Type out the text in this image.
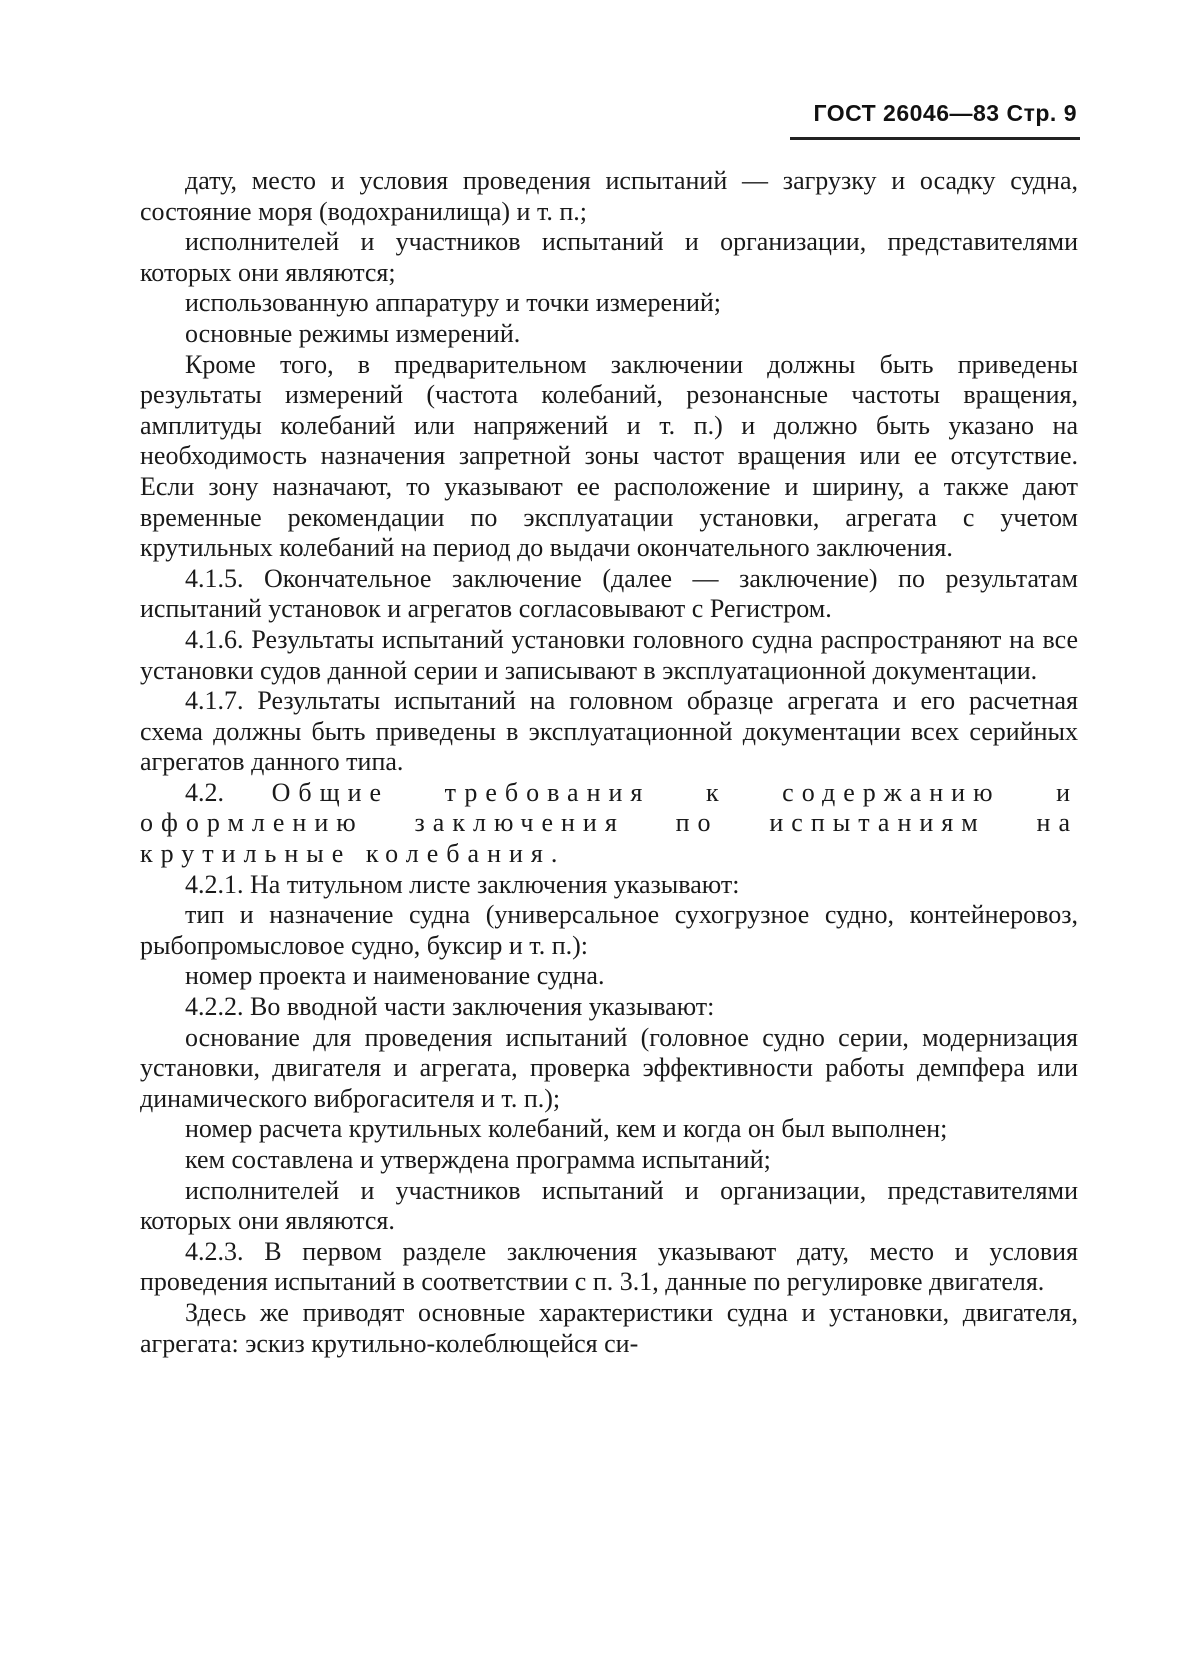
ГОСТ 26046—83 Стр. 9

дату, место и условия проведения испытаний — загрузку и осадку судна, состояние моря (водохранилища) и т. п.;

исполнителей и участников испытаний и организации, представителями которых они являются;

использованную аппаратуру и точки измерений;

основные режимы измерений.

Кроме того, в предварительном заключении должны быть приведены результаты измерений (частота колебаний, резонансные частоты вращения, амплитуды колебаний или напряжений и т. п.) и должно быть указано на необходимость назначения запретной зоны частот вращения или ее отсутствие. Если зону назначают, то указывают ее расположение и ширину, а также дают временные рекомендации по эксплуатации установки, агрегата с учетом крутильных колебаний на период до выдачи окончательного заключения.

4.1.5. Окончательное заключение (далее — заключение) по результатам испытаний установок и агрегатов согласовывают с Регистром.

4.1.6. Результаты испытаний установки головного судна распространяют на все установки судов данной серии и записывают в эксплуатационной документации.

4.1.7. Результаты испытаний на головном образце агрегата и его расчетная схема должны быть приведены в эксплуатационной документации всех серийных агрегатов данного типа.

4.2. Общие требования к содержанию и оформлению заключения по испытаниям на крутильные колебания.

4.2.1. На титульном листе заключения указывают:

тип и назначение судна (универсальное сухогрузное судно, контейнеровоз, рыбопромысловое судно, буксир и т. п.):

номер проекта и наименование судна.

4.2.2. Во вводной части заключения указывают:

основание для проведения испытаний (головное судно серии, модернизация установки, двигателя и агрегата, проверка эффективности работы демпфера или динамического виброгасителя и т. п.);

номер расчета крутильных колебаний, кем и когда он был выполнен;

кем составлена и утверждена программа испытаний;

исполнителей и участников испытаний и организации, представителями которых они являются.

4.2.3. В первом разделе заключения указывают дату, место и условия проведения испытаний в соответствии с п. 3.1, данные по регулировке двигателя.

Здесь же приводят основные характеристики судна и установки, двигателя, агрегата: эскиз крутильно-колеблющейся си-
